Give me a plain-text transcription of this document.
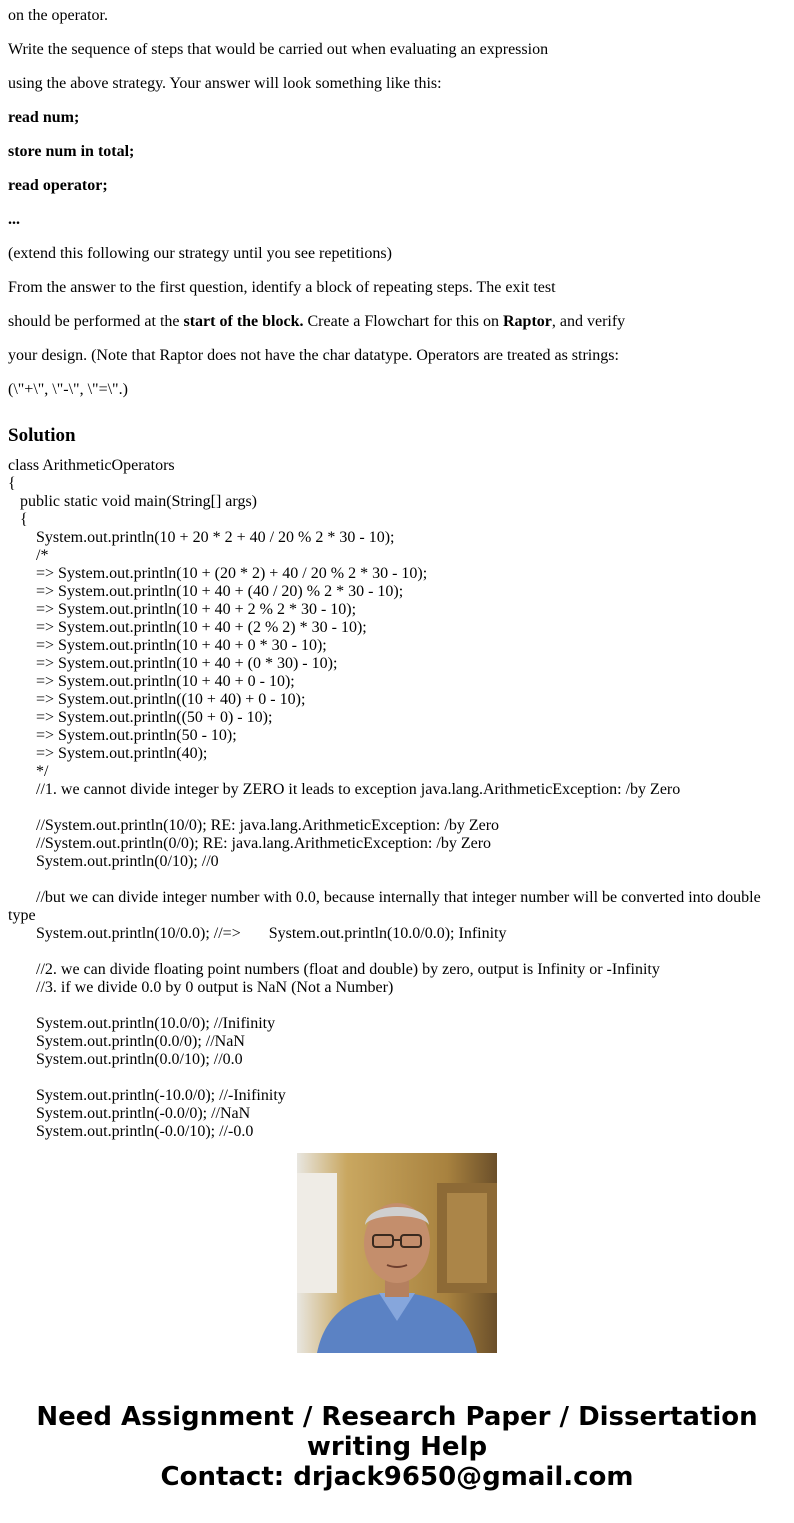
on the operator.

Write the sequence of steps that would be carried out when evaluating an expression

using the above strategy. Your answer will look something like this:

read num;

store num in total;

read operator;

...

(extend this following our strategy until you see repetitions)

From the answer to the first question, identify a block of repeating steps. The exit test

should be performed at the start of the block. Create a Flowchart for this on Raptor, and verify

your design. (Note that Raptor does not have the char datatype. Operators are treated as strings:

(\"+\", \"-\", \"=\".)

Solution
class ArithmeticOperators
{
public static void main(String[] args)
{
System.out.println(10 + 20 * 2 + 40 / 20 % 2 * 30 - 10);
/*
=> System.out.println(10 + (20 * 2) + 40 / 20 % 2 * 30 - 10);
=> System.out.println(10 + 40 + (40 / 20) % 2 * 30 - 10);
=> System.out.println(10 + 40 + 2 % 2 * 30 - 10);
=> System.out.println(10 + 40 + (2 % 2) * 30 - 10);
=> System.out.println(10 + 40 + 0 * 30 - 10);
=> System.out.println(10 + 40 + (0 * 30) - 10);
=> System.out.println(10 + 40 + 0 - 10);
=> System.out.println((10 + 40) + 0 - 10);
=> System.out.println((50 + 0) - 10);
=> System.out.println(50 - 10);
=> System.out.println(40);
*/
//1. we cannot divide integer by ZERO it leads to exception java.lang.ArithmeticException: /by Zero

//System.out.println(10/0); RE: java.lang.ArithmeticException: /by Zero
//System.out.println(0/0); RE: java.lang.ArithmeticException: /by Zero
System.out.println(0/10); //0

//but we can divide integer number with 0.0, because internally that integer number will be converted into double
type
System.out.println(10/0.0); //=>       System.out.println(10.0/0.0); Infinity

//2. we can divide floating point numbers (float and double) by zero, output is Infinity or -Infinity
//3. if we divide 0.0 by 0 output is NaN (Not a Number)

System.out.println(10.0/0); //Inifinity
System.out.println(0.0/0); //NaN
System.out.println(0.0/10); //0.0

System.out.println(-10.0/0); //-Inifinity
System.out.println(-0.0/0); //NaN
System.out.println(-0.0/10); //-0.0
Need Assignment / Research Paper / Dissertation
writing Help
Contact: drjack9650@gmail.com
